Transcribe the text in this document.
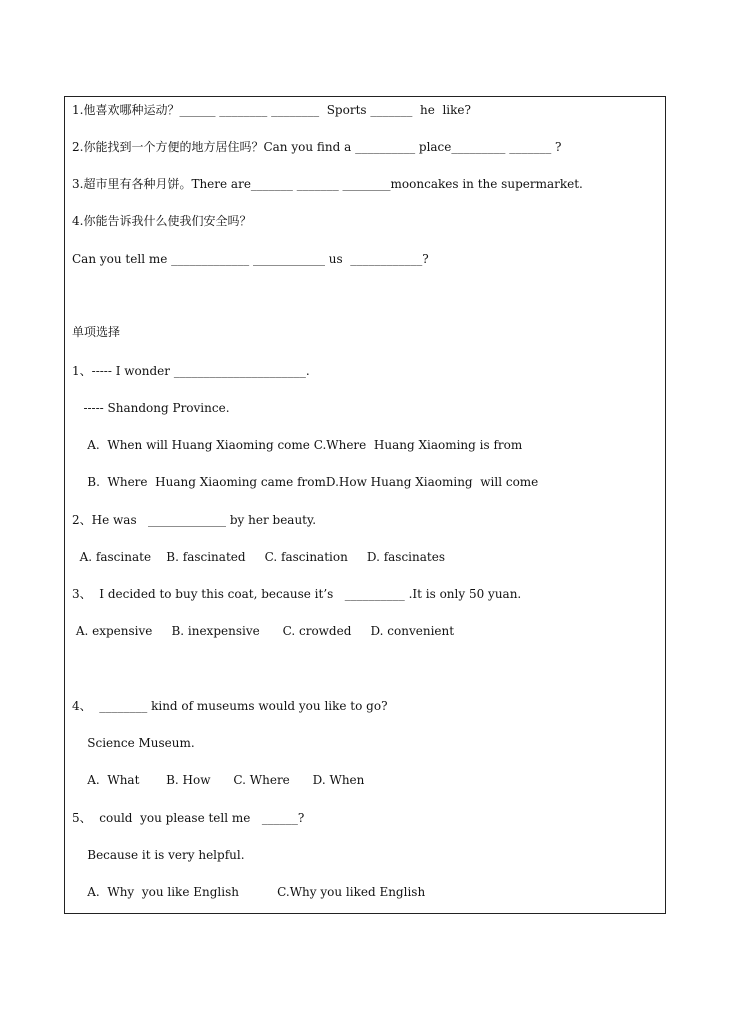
1.他喜欢哪种运动？______ ________ ________  Sports _______  he  like?
2.你能找到一个方便的地方居住吗？Can you find a __________ place_________ _______ ?
3.超市里有各种月饼。There are_______ _______ ________mooncakes in the supermarket.
4.你能告诉我什么使我们安全吗？
Can you tell me _____________ ____________ us  ____________?
单项选择
1、----- I wonder ______________________.
----- Shandong Province.
A.  When will Huang Xiaoming come C.Where  Huang Xiaoming is from
B.  Where  Huang Xiaoming came fromD.How Huang Xiaoming  will come
2、He was   _____________ by her beauty.
A. fascinate    B. fascinated     C. fascination     D. fascinates
3、  I decided to buy this coat, because it’s   __________ .It is only 50 yuan.
A. expensive     B. inexpensive      C. crowded     D. convenient
4、  ________ kind of museums would you like to go?
Science Museum.
A.  What       B. How      C. Where      D. When
5、  could  you please tell me   ______?
Because it is very helpful.
A.  Why  you like English          C.Why you liked English
